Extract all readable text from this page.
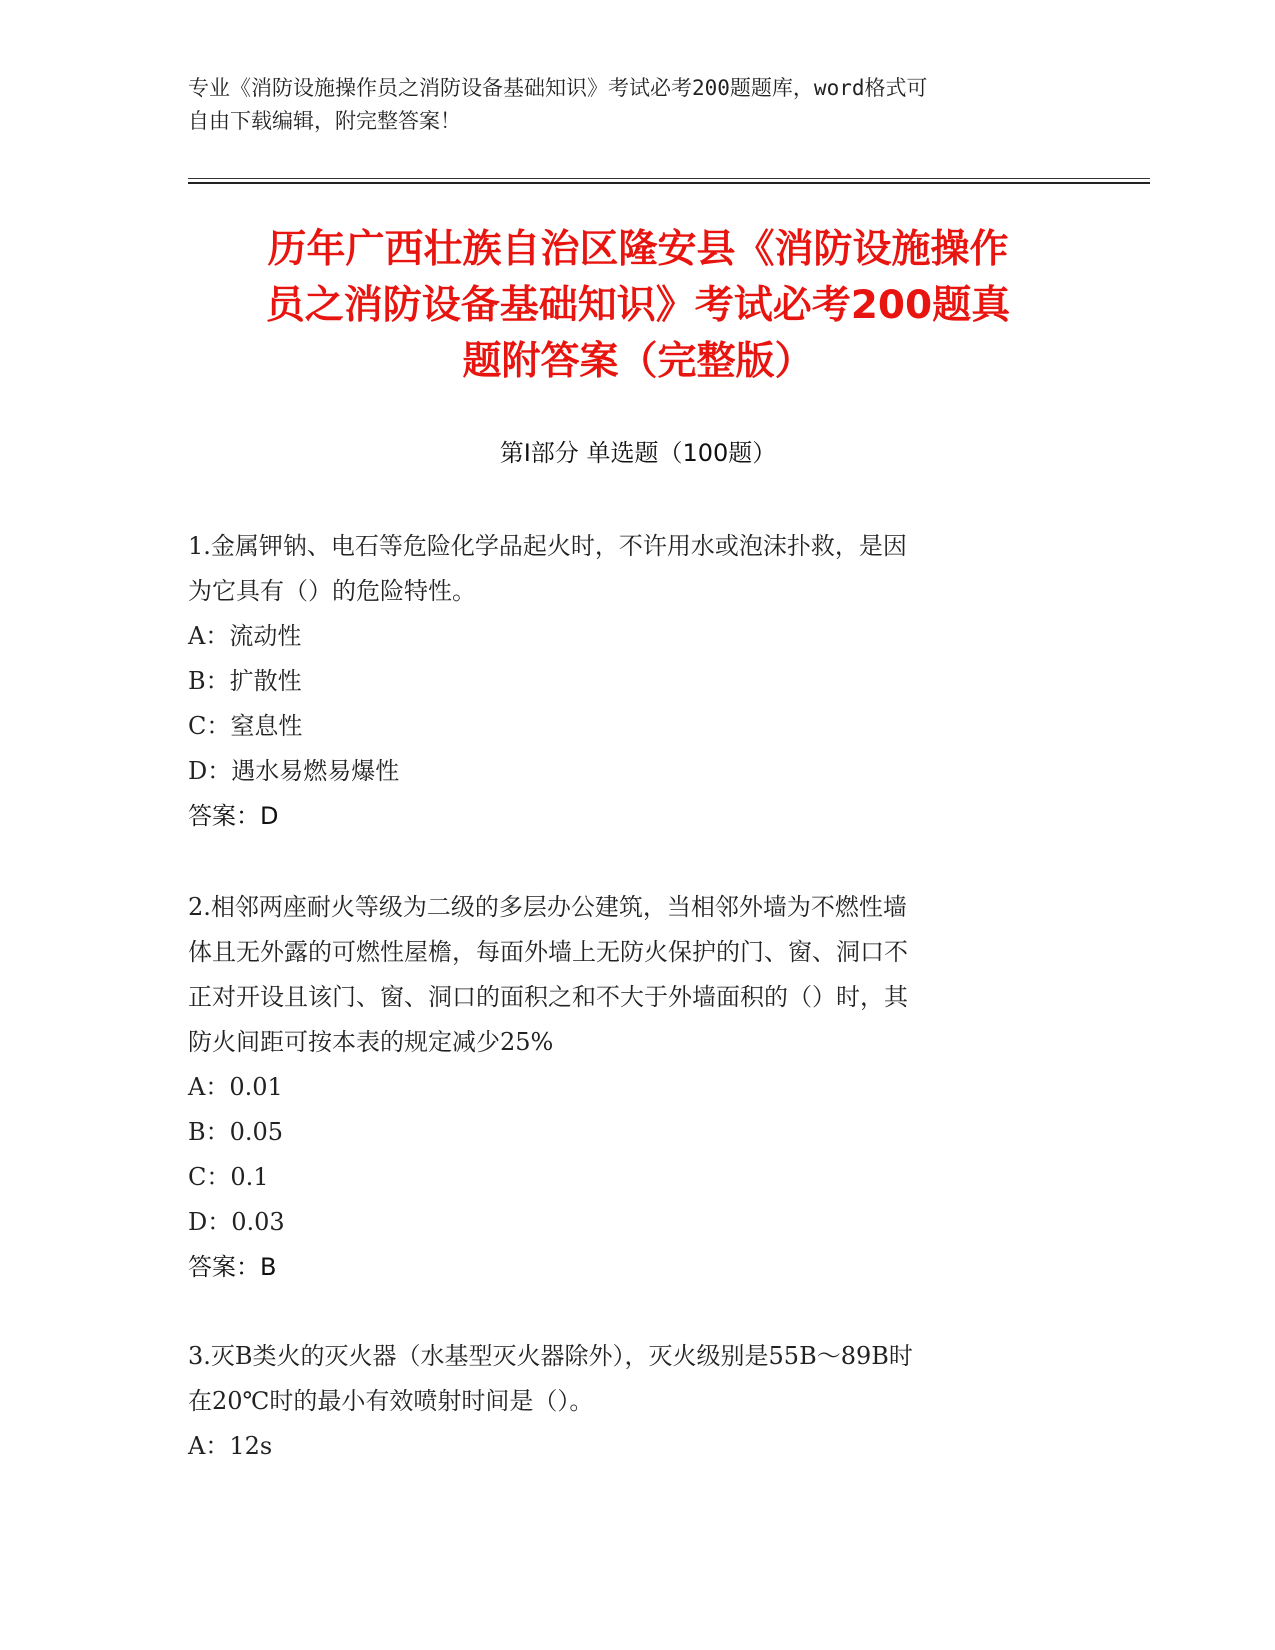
专业《消防设施操作员之消防设备基础知识》考试必考200题题库，word格式可
自由下载编辑，附完整答案！
历年广西壮族自治区隆安县《消防设施操作
员之消防设备基础知识》考试必考200题真
题附答案（完整版）
第Ⅰ部分 单选题（100题）
1.金属钾钠、电石等危险化学品起火时，不许用水或泡沫扑救，是因
为它具有（）的危险特性。
A：流动性
B：扩散性
C：窒息性
D：遇水易燃易爆性
答案：D
2.相邻两座耐火等级为二级的多层办公建筑，当相邻外墙为不燃性墙
体且无外露的可燃性屋檐，每面外墙上无防火保护的门、窗、洞口不
正对开设且该门、窗、洞口的面积之和不大于外墙面积的（）时，其
防火间距可按本表的规定减少25%
A：0.01
B：0.05
C：0.1
D：0.03
答案：B
3.灭B类火的灭火器（水基型灭火器除外），灭火级别是55B～89B时
在20℃时的最小有效喷射时间是（）。
A：12s
